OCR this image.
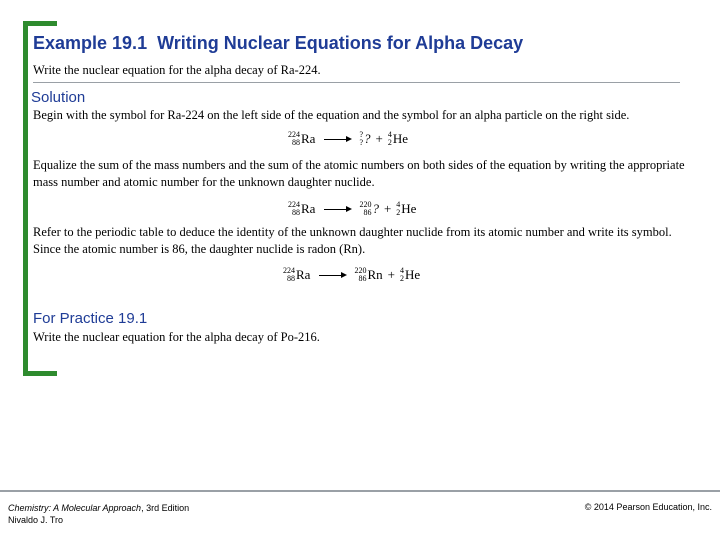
Example 19.1 Writing Nuclear Equations for Alpha Decay
Write the nuclear equation for the alpha decay of Ra-224.
Solution
Begin with the symbol for Ra-224 on the left side of the equation and the symbol for an alpha particle on the right side.
224
88 Ra	?
? ? + 4
2 He
Equalize the sum of the mass numbers and the sum of the atomic numbers on both sides of the equation by writing the appropriate mass number and atomic number for the unknown daughter nuclide.
224
88 Ra	220
86 ? + 4
2 He
Refer to the periodic table to deduce the identity of the unknown daughter nuclide from its atomic number and write its symbol. Since the atomic number is 86, the daughter nuclide is radon (Rn).
224
88 Ra	220
86 Rn + 4
2 He
For Practice 19.1
Write the nuclear equation for the alpha decay of Po-216.
Chemistry: A Molecular Approach, 3rd Edition
Nivaldo J. Tro
© 2014 Pearson Education, Inc.
